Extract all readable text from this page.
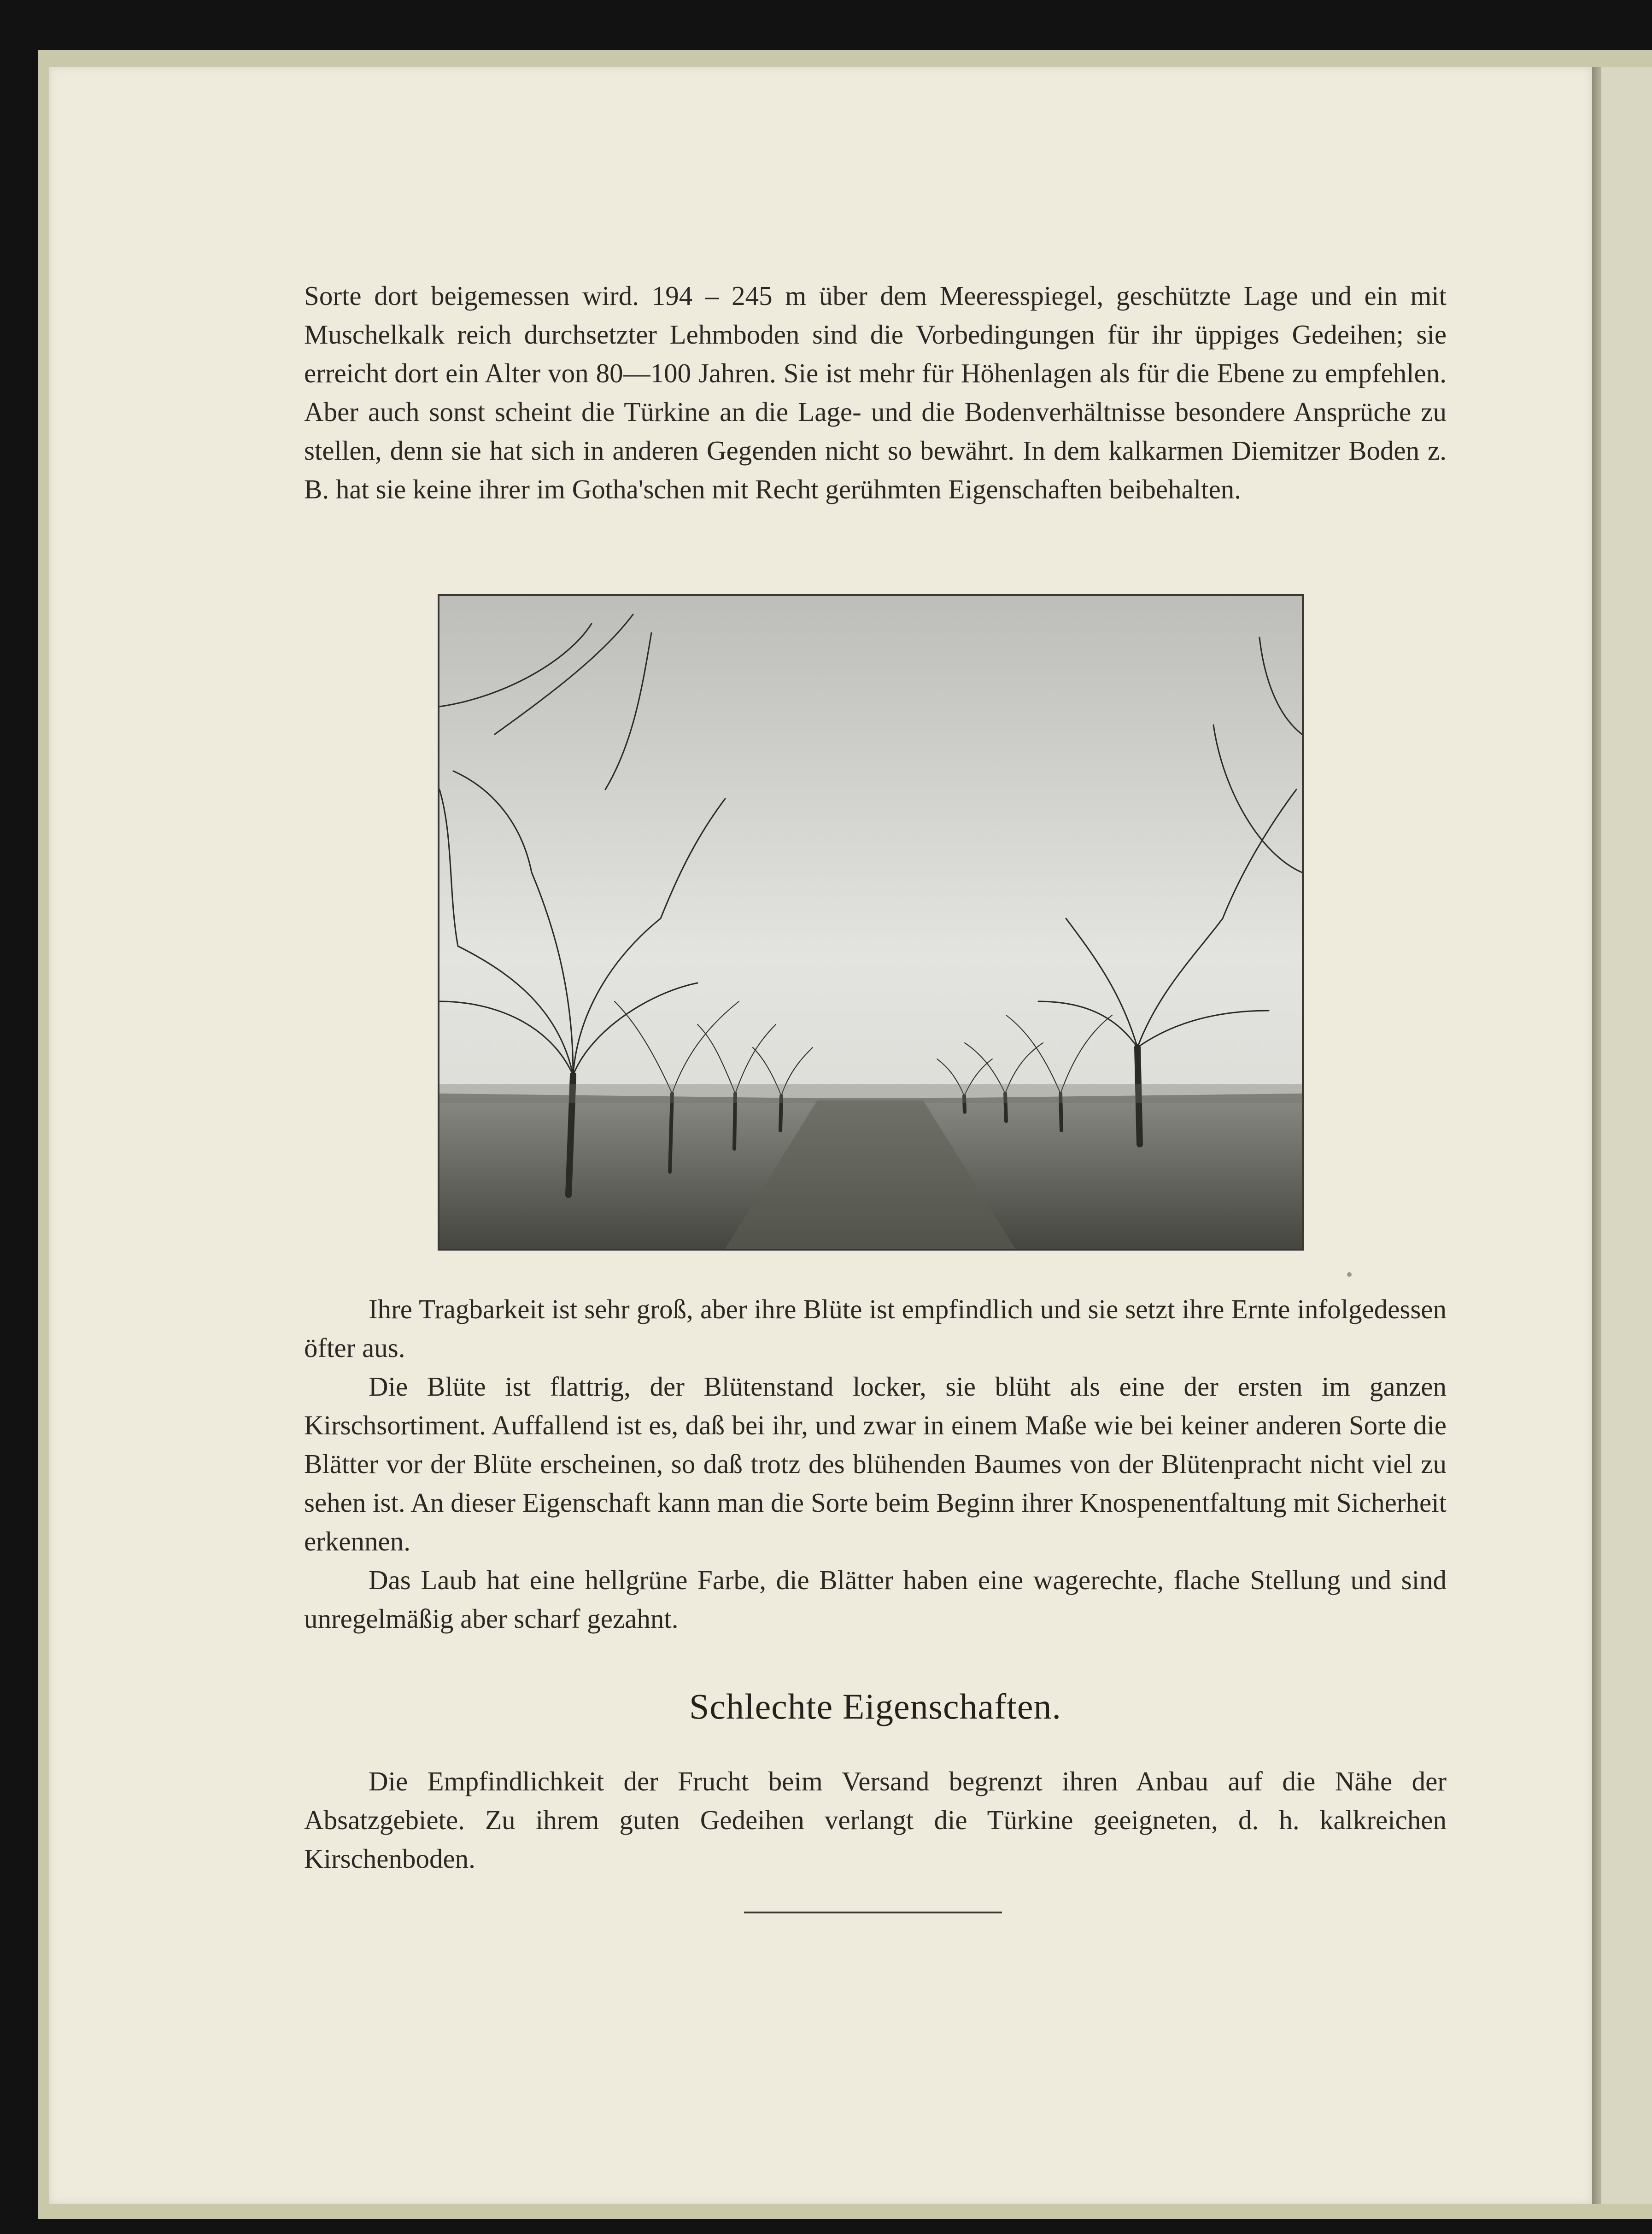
Sorte dort beigemessen wird. 194 – 245 m über dem Meeresspiegel, geschützte Lage und ein mit Muschelkalk reich durchsetzter Lehmboden sind die Vorbedingungen für ihr üppiges Gedeihen; sie erreicht dort ein Alter von 80—100 Jahren. Sie ist mehr für Höhenlagen als für die Ebene zu empfehlen. Aber auch sonst scheint die Türkine an die Lage- und die Bodenverhältnisse besondere Ansprüche zu stellen, denn sie hat sich in anderen Gegenden nicht so bewährt. In dem kalkarmen Diemitzer Boden z. B. hat sie keine ihrer im Gotha'schen mit Recht gerühmten Eigenschaften beibehalten.

Ihre Tragbarkeit ist sehr groß, aber ihre Blüte ist empfindlich und sie setzt ihre Ernte infolgedessen öfter aus.

Die Blüte ist flattrig, der Blütenstand locker, sie blüht als eine der ersten im ganzen Kirschsortiment. Auffallend ist es, daß bei ihr, und zwar in einem Maße wie bei keiner anderen Sorte die Blätter vor der Blüte erscheinen, so daß trotz des blühenden Baumes von der Blütenpracht nicht viel zu sehen ist. An dieser Eigenschaft kann man die Sorte beim Beginn ihrer Knospenentfaltung mit Sicherheit erkennen.

Das Laub hat eine hellgrüne Farbe, die Blätter haben eine wagerechte, flache Stellung und sind unregelmäßig aber scharf gezahnt.

Schlechte Eigenschaften.

Die Empfindlichkeit der Frucht beim Versand begrenzt ihren Anbau auf die Nähe der Absatzgebiete. Zu ihrem guten Gedeihen verlangt die Türkine geeigneten, d. h. kalkreichen Kirschenboden.
